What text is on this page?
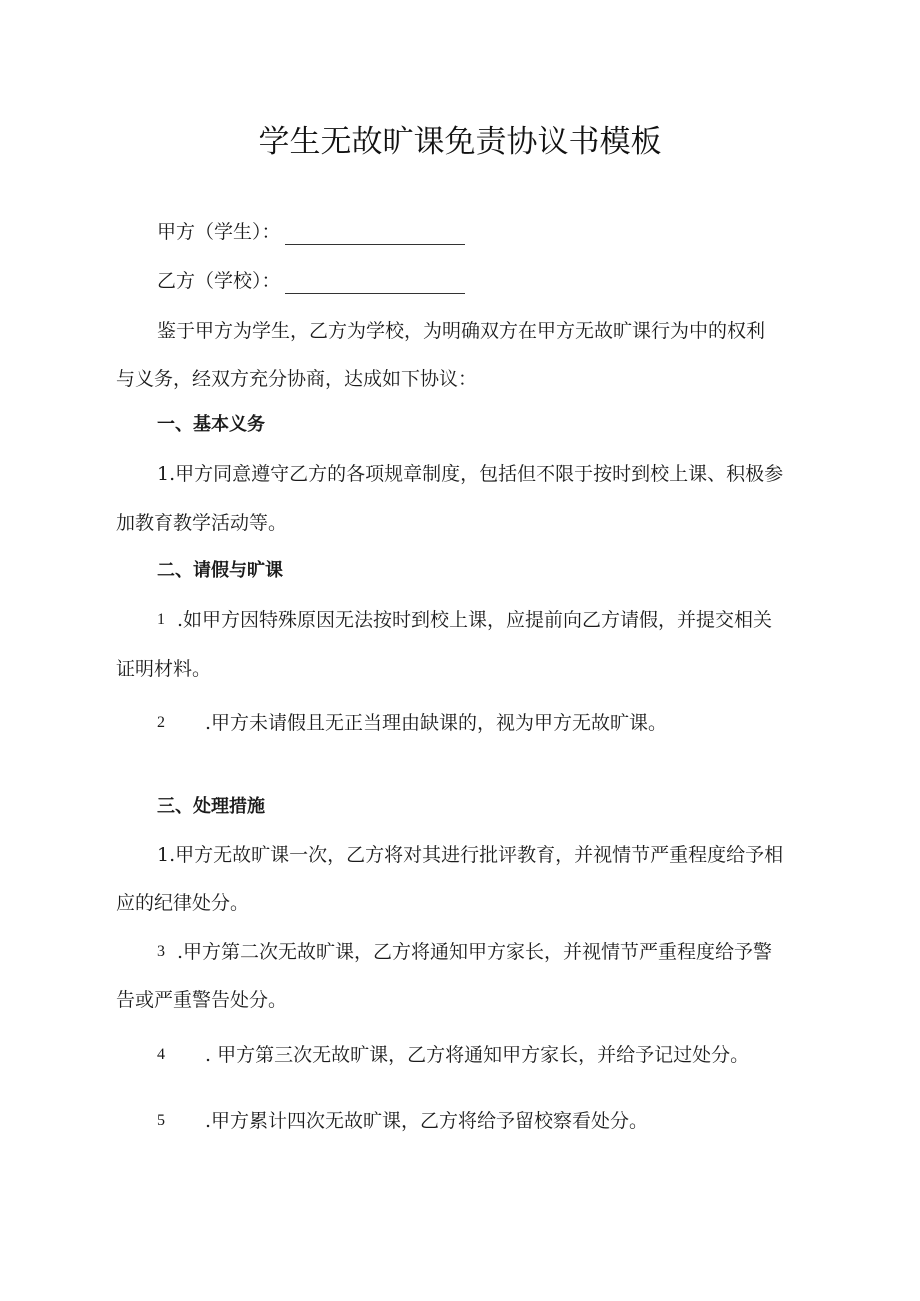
学生无故旷课免责协议书模板
甲方（学生）：
乙方（学校）：
鉴于甲方为学生，乙方为学校，为明确双方在甲方无故旷课行为中的权利
与义务，经双方充分协商，达成如下协议：
一、基本义务
1.甲方同意遵守乙方的各项规章制度，包括但不限于按时到校上课、积极参
加教育教学活动等。
二、请假与旷课
1 .如甲方因特殊原因无法按时到校上课，应提前向乙方请假，并提交相关
证明材料。
2 .甲方未请假且无正当理由缺课的，视为甲方无故旷课。
三、处理措施
1.甲方无故旷课一次，乙方将对其进行批评教育，并视情节严重程度给予相
应的纪律处分。
3 .甲方第二次无故旷课，乙方将通知甲方家长，并视情节严重程度给予警
告或严重警告处分。
4 . 甲方第三次无故旷课，乙方将通知甲方家长，并给予记过处分。
5 .甲方累计四次无故旷课，乙方将给予留校察看处分。
